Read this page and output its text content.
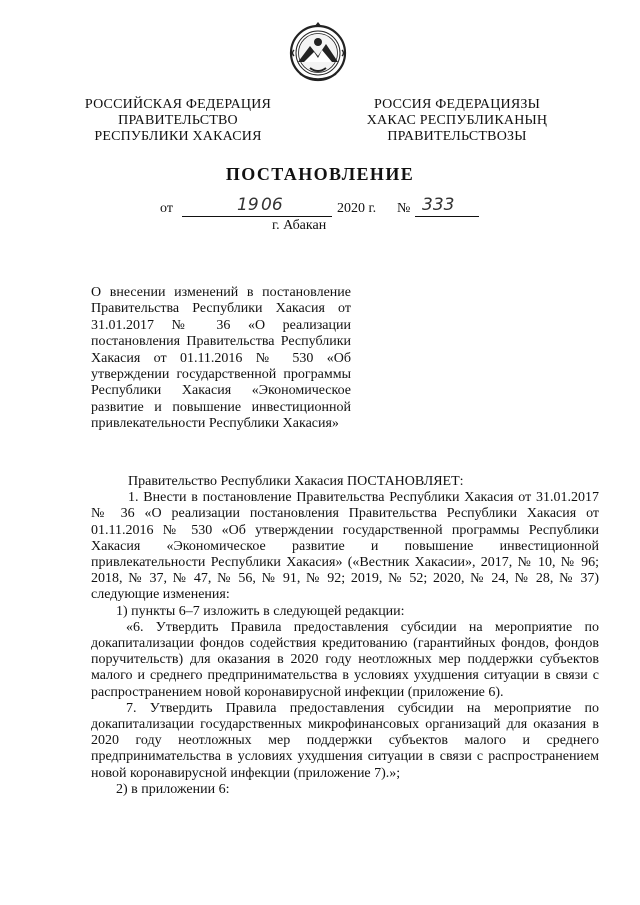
РОССИЙСКАЯ ФЕДЕРАЦИЯ
ПРАВИТЕЛЬСТВО
РЕСПУБЛИКИ ХАКАСИЯ
РОССИЯ ФЕДЕРАЦИЯЗЫ
ХАКАС РЕСПУБЛИКАНЫҢ
ПРАВИТЕЛЬСТВОЗЫ
ПОСТАНОВЛЕНИЕ
от	19 06	2020 г. № 333
г. Абакан
О внесении изменений в постановление Правительства Республики Хакасия от 31.01.2017 № 36 «О реализации постановления Правительства Республики Хакасия от 01.11.2016 № 530 «Об утверждении государственной программы Республики Хакасия «Экономическое развитие и повышение инвестиционной привлекательности Республики Хакасия»

Правительство Республики Хакасия ПОСТАНОВЛЯЕТ:

1. Внести в постановление Правительства Республики Хакасия от 31.01.2017 № 36 «О реализации постановления Правительства Республики Хакасия от 01.11.2016 № 530 «Об утверждении государственной программы Республики Хакасия «Экономическое развитие и повышение инвестиционной привлекательности Республики Хакасия» («Вестник Хакасии», 2017, № 10, № 96; 2018, № 37, № 47, № 56, № 91, № 92; 2019, № 52; 2020, № 24, № 28, № 37) следующие изменения:

1) пункты 6–7 изложить в следующей редакции:

«6. Утвердить Правила предоставления субсидии на мероприятие по докапитализации фондов содействия кредитованию (гарантийных фондов, фондов поручительств) для оказания в 2020 году неотложных мер поддержки субъектов малого и среднего предпринимательства в условиях ухудшения ситуации в связи с распространением новой коронавирусной инфекции (приложение 6).

7. Утвердить Правила предоставления субсидии на мероприятие по докапитализации государственных микрофинансовых организаций для оказания в 2020 году неотложных мер поддержки субъектов малого и среднего предпринимательства в условиях ухудшения ситуации в связи с распространением новой коронавирусной инфекции (приложение 7).»;

2) в приложении 6:
